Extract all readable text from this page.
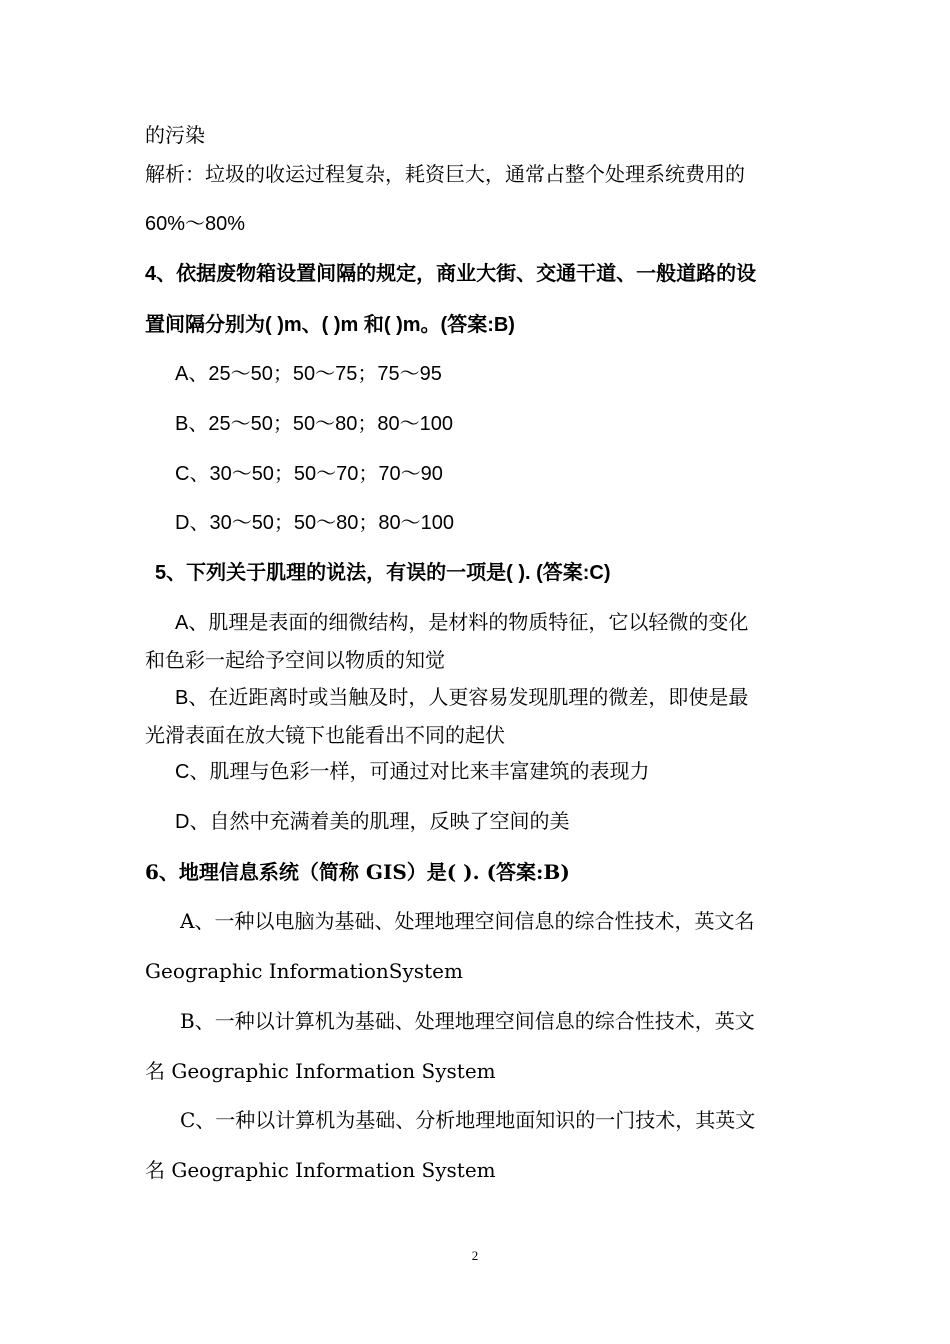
的污染
解析：垃圾的收运过程复杂，耗资巨大，通常占整个处理系统费用的
60%～80%
4、依据废物箱设置间隔的规定，商业大街、交通干道、一般道路的设
置间隔分别为( )m、( )m 和( )m。(答案:B)
A、25～50；50～75；75～95
B、25～50；50～80；80～100
C、30～50；50～70；70～90
D、30～50；50～80；80～100
5、下列关于肌理的说法，有误的一项是( ). (答案:C)
A、肌理是表面的细微结构，是材料的物质特征，它以轻微的变化
和色彩一起给予空间以物质的知觉
B、在近距离时或当触及时，人更容易发现肌理的微差，即使是最
光滑表面在放大镜下也能看出不同的起伏
C、肌理与色彩一样，可通过对比来丰富建筑的表现力
D、自然中充满着美的肌理，反映了空间的美
6、地理信息系统（简称 GIS）是( ). (答案:B)
A、一种以电脑为基础、处理地理空间信息的综合性技术，英文名
Geographic InformationSystem
B、一种以计算机为基础、处理地理空间信息的综合性技术，英文
名 Geographic Information System
C、一种以计算机为基础、分析地理地面知识的一门技术，其英文
名 Geographic Information System
2
